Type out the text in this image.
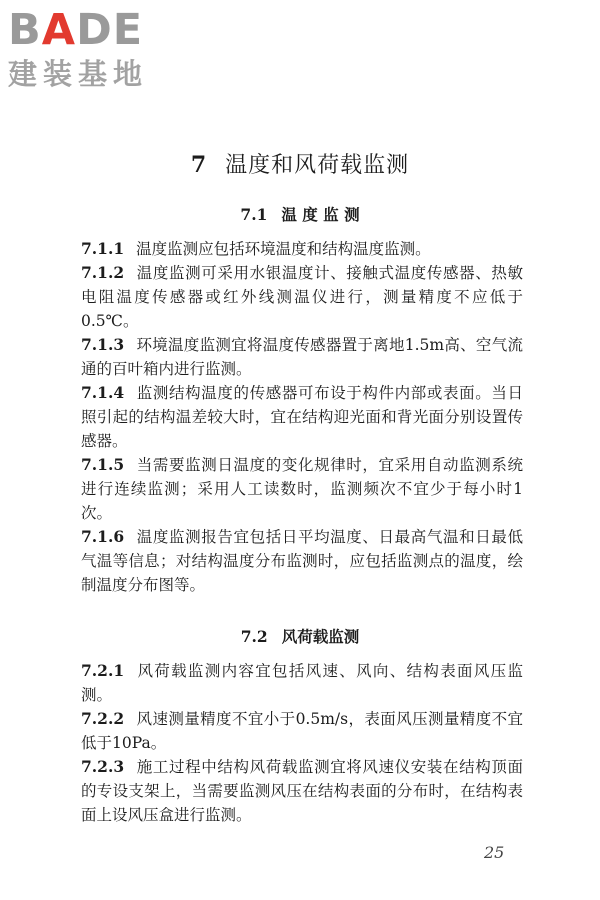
BADE
建装基地
7 温度和风荷载监测
7.1 温 度 监 测

7.1.1 温度监测应包括环境温度和结构温度监测。

7.1.2 温度监测可采用水银温度计、接触式温度传感器、热敏电阻温度传感器或红外线测温仪进行，测量精度不应低于0.5℃。

7.1.3 环境温度监测宜将温度传感器置于离地1.5m高、空气流通的百叶箱内进行监测。

7.1.4 监测结构温度的传感器可布设于构件内部或表面。当日照引起的结构温差较大时，宜在结构迎光面和背光面分别设置传感器。

7.1.5 当需要监测日温度的变化规律时，宜采用自动监测系统进行连续监测；采用人工读数时，监测频次不宜少于每小时1次。

7.1.6 温度监测报告宜包括日平均温度、日最高气温和日最低气温等信息；对结构温度分布监测时，应包括监测点的温度，绘制温度分布图等。

7.2 风荷载监测

7.2.1 风荷载监测内容宜包括风速、风向、结构表面风压监测。

7.2.2 风速测量精度不宜小于0.5m/s，表面风压测量精度不宜低于10Pa。

7.2.3 施工过程中结构风荷载监测宜将风速仪安装在结构顶面的专设支架上，当需要监测风压在结构表面的分布时，在结构表面上设风压盒进行监测。

25
